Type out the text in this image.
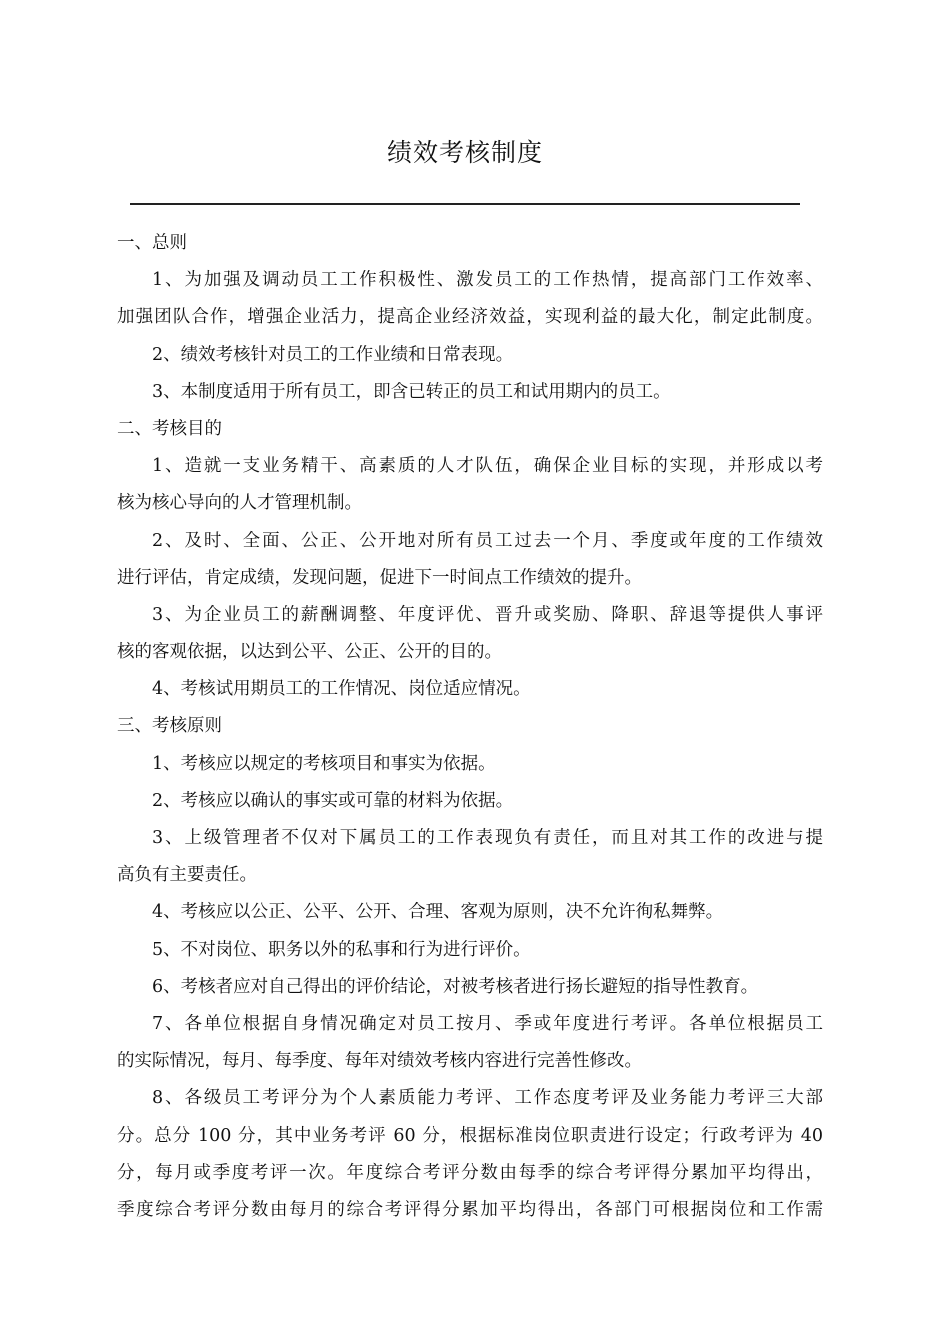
绩效考核制度
一、总则
1、为加强及调动员工工作积极性、激发员工的工作热情，提高部门工作效率、
加强团队合作，增强企业活力，提高企业经济效益，实现利益的最大化，制定此制度。
2、绩效考核针对员工的工作业绩和日常表现。
3、本制度适用于所有员工，即含已转正的员工和试用期内的员工。
二、考核目的
1、造就一支业务精干、高素质的人才队伍，确保企业目标的实现，并形成以考
核为核心导向的人才管理机制。
2、及时、全面、公正、公开地对所有员工过去一个月、季度或年度的工作绩效
进行评估，肯定成绩，发现问题，促进下一时间点工作绩效的提升。
3、为企业员工的薪酬调整、年度评优、晋升或奖励、降职、辞退等提供人事评
核的客观依据，以达到公平、公正、公开的目的。
4、考核试用期员工的工作情况、岗位适应情况。
三、考核原则
1、考核应以规定的考核项目和事实为依据。
2、考核应以确认的事实或可靠的材料为依据。
3、上级管理者不仅对下属员工的工作表现负有责任，而且对其工作的改进与提
高负有主要责任。
4、考核应以公正、公平、公开、合理、客观为原则，决不允许徇私舞弊。
5、不对岗位、职务以外的私事和行为进行评价。
6、考核者应对自己得出的评价结论，对被考核者进行扬长避短的指导性教育。
7、各单位根据自身情况确定对员工按月、季或年度进行考评。各单位根据员工
的实际情况，每月、每季度、每年对绩效考核内容进行完善性修改。
8、各级员工考评分为个人素质能力考评、工作态度考评及业务能力考评三大部
分。总分 100 分，其中业务考评 60 分，根据标准岗位职责进行设定；行政考评为 40
分，每月或季度考评一次。年度综合考评分数由每季的综合考评得分累加平均得出，
季度综合考评分数由每月的综合考评得分累加平均得出，各部门可根据岗位和工作需
